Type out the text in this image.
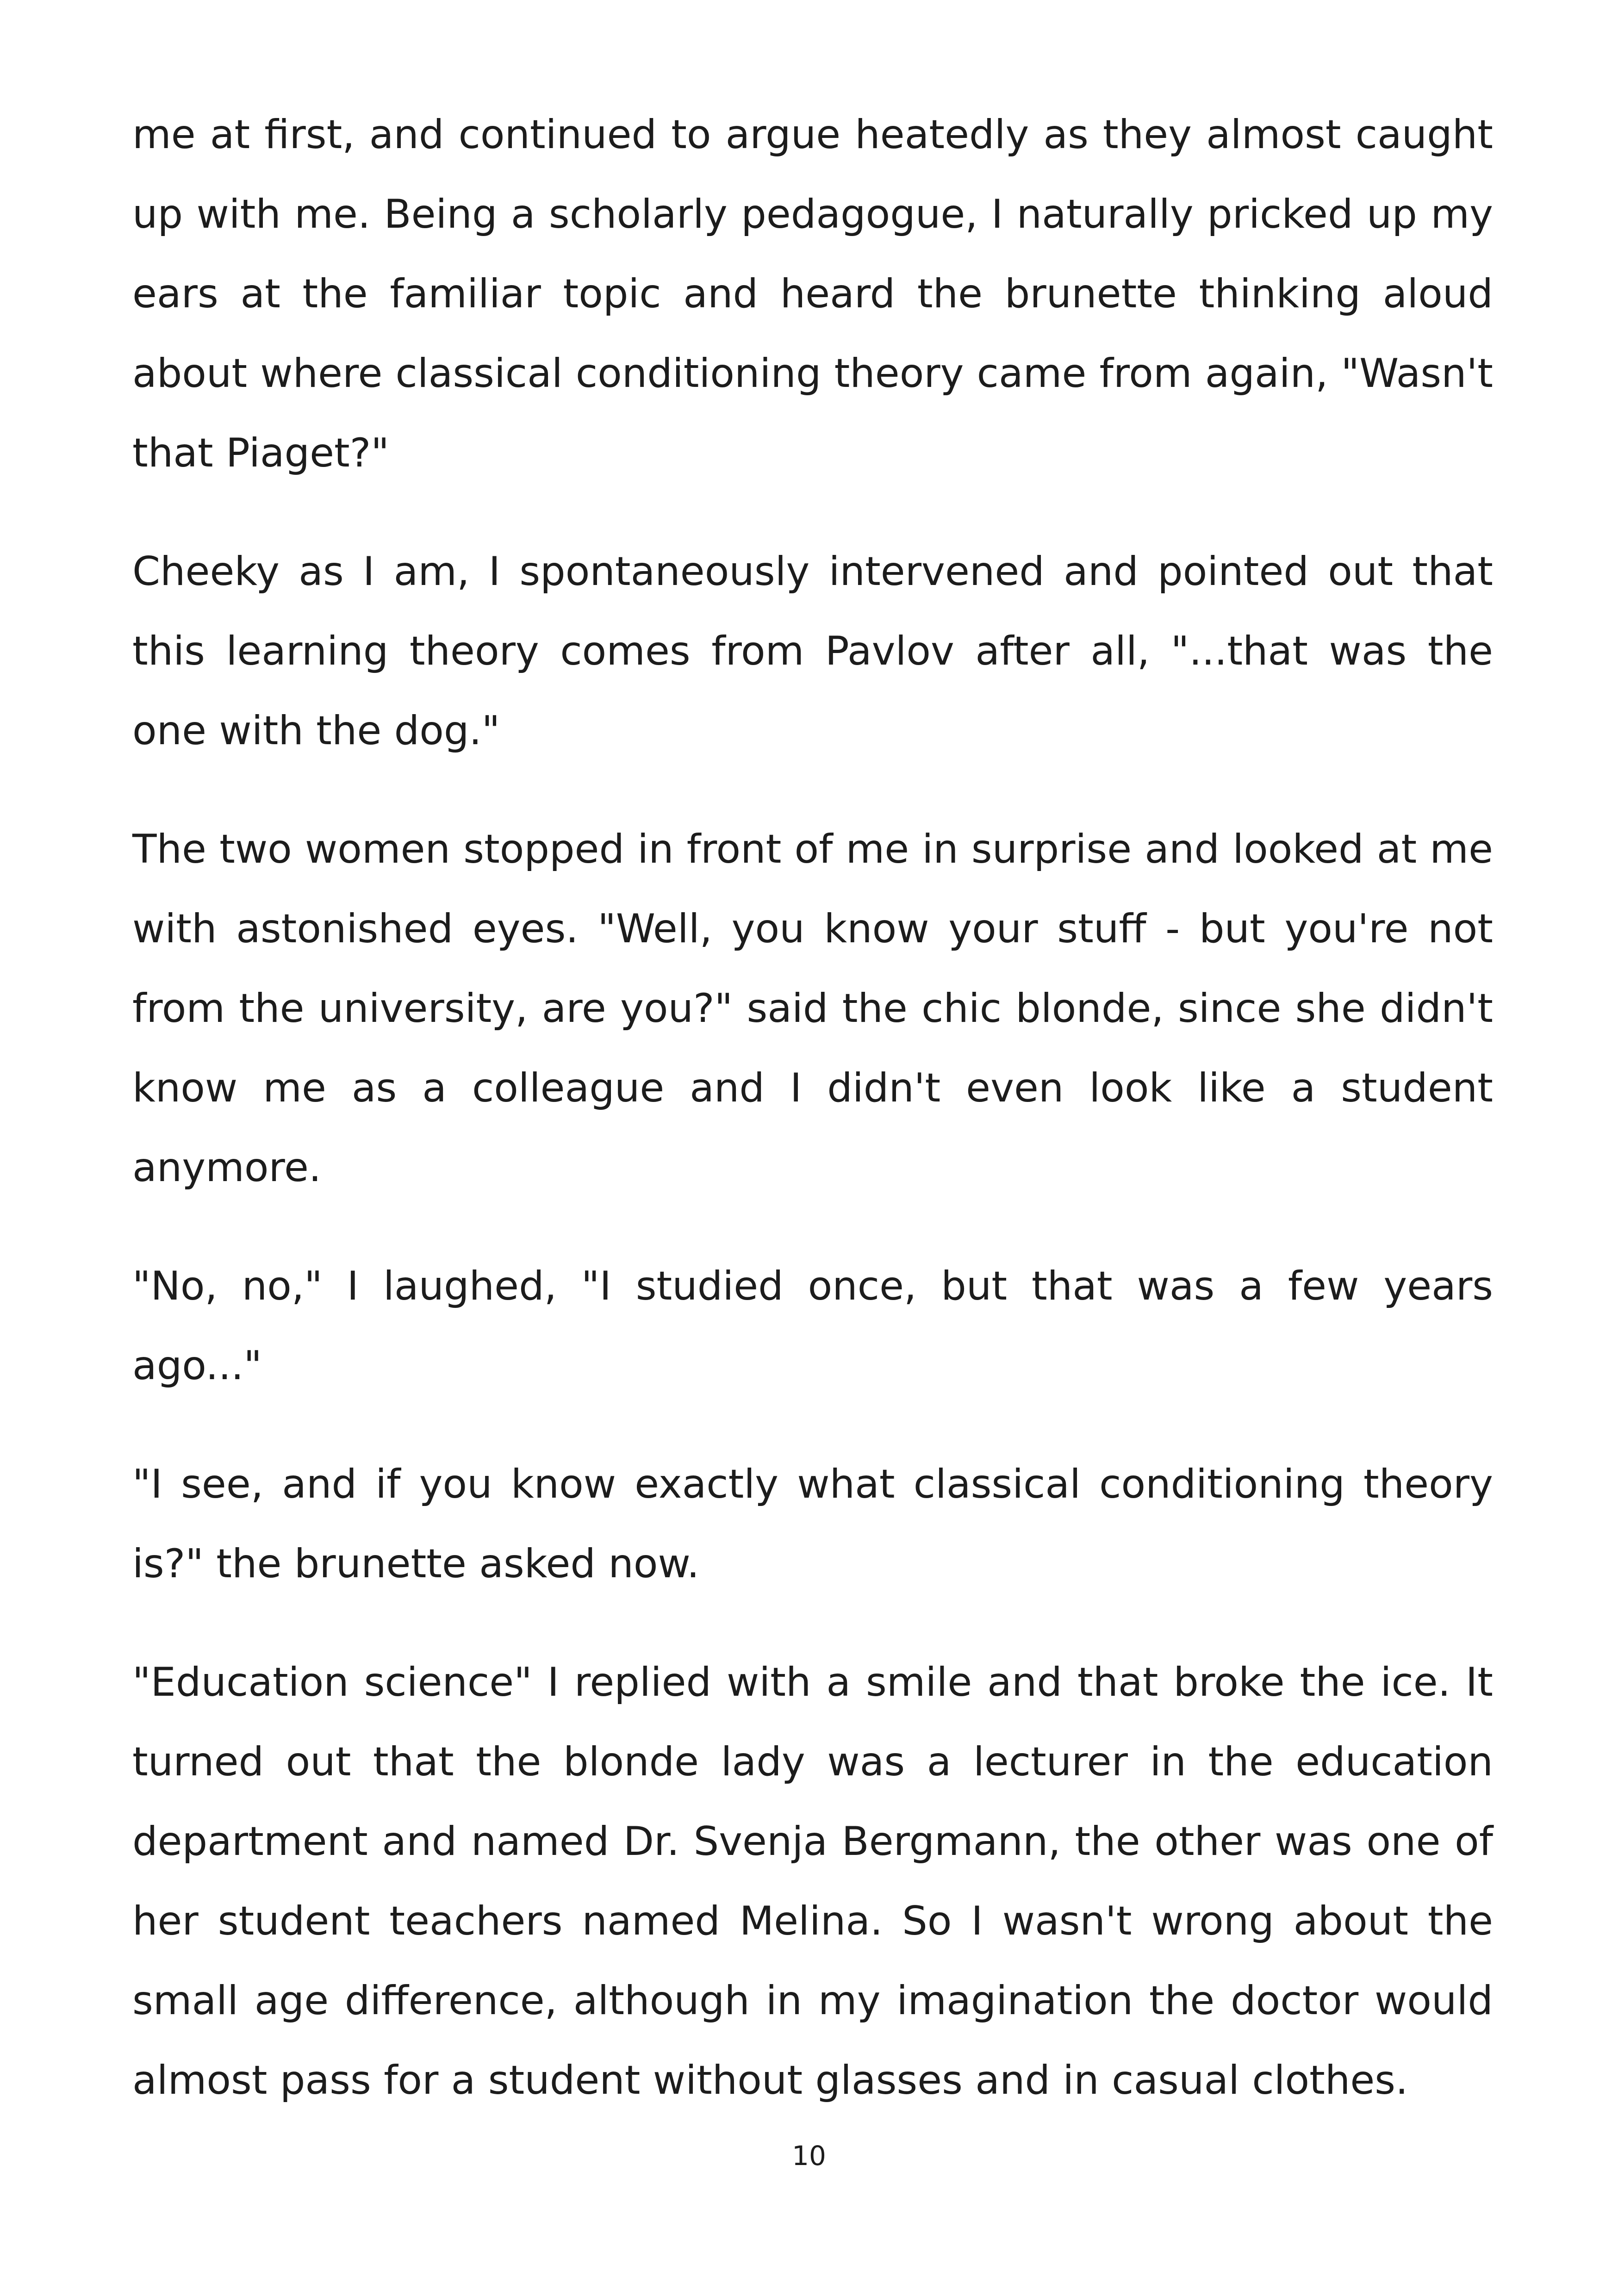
me at first, and continued to argue heatedly as they almost caught up with me. Being a scholarly pedagogue, I naturally pricked up my ears at the familiar topic and heard the brunette thinking aloud about where classical conditioning theory came from again, "Wasn't that Piaget?"

Cheeky as I am, I spontaneously intervened and pointed out that this learning theory comes from Pavlov after all, "...that was the one with the dog."

The two women stopped in front of me in surprise and looked at me with astonished eyes. "Well, you know your stuff - but you're not from the university, are you?" said the chic blonde, since she didn't know me as a colleague and I didn't even look like a student anymore.

"No, no," I laughed, "I studied once, but that was a few years ago..."

"I see, and if you know exactly what classical conditioning theory is?" the brunette asked now.

"Education science" I replied with a smile and that broke the ice. It turned out that the blonde lady was a lecturer in the education department and named Dr. Svenja Bergmann, the other was one of her student teachers named Melina. So I wasn't wrong about the small age difference, although in my imagination the doctor would almost pass for a student without glasses and in casual clothes.

10
